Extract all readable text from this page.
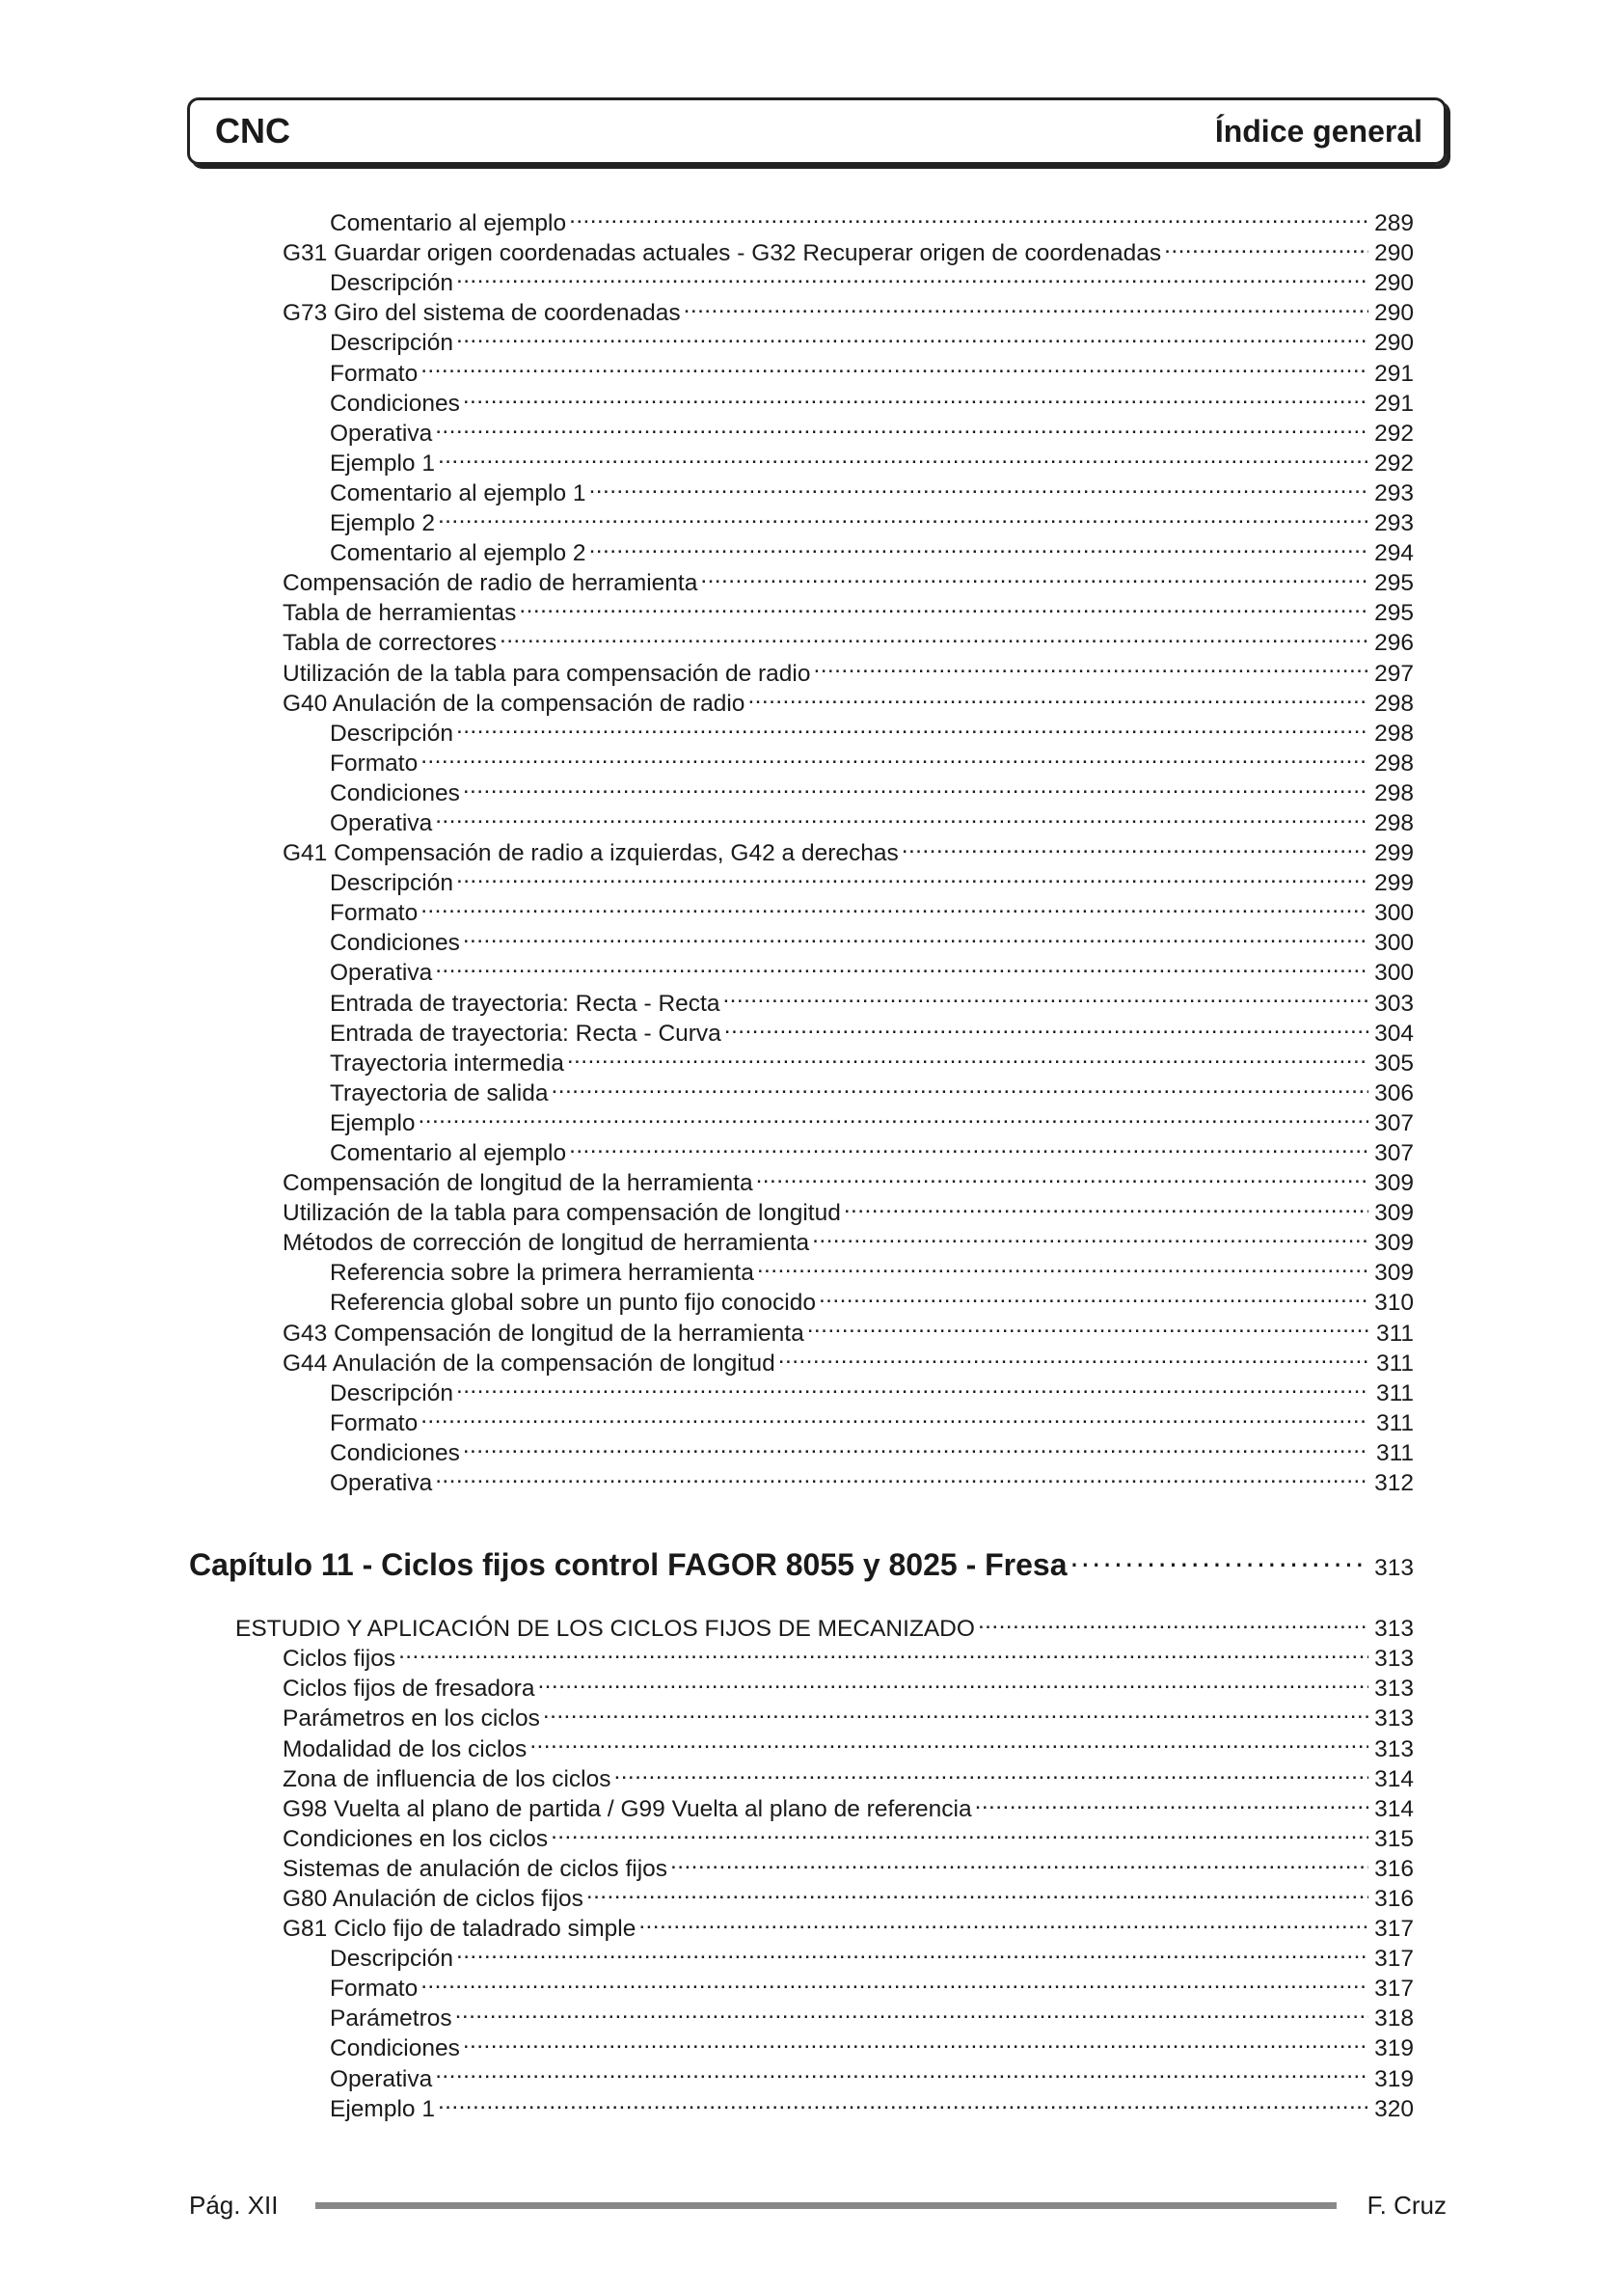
CNC	Índice general
Comentario al ejemplo . . .	289
G31 Guardar origen coordenadas actuales - G32 Recuperar origen de coordenadas . . .	290
Descripción . . .	290
G73 Giro del sistema de coordenadas . . .	290
Descripción . . .	290
Formato . . .	291
Condiciones . . .	291
Operativa . . .	292
Ejemplo 1 . . .	292
Comentario al ejemplo 1 . . .	293
Ejemplo 2 . . .	293
Comentario al ejemplo 2 . . .	294
Compensación de radio de herramienta . . .	295
Tabla de herramientas . . .	295
Tabla de correctores . . .	296
Utilización de la tabla para compensación de radio . . .	297
G40 Anulación de la compensación de radio . . .	298
Descripción . . .	298
Formato . . .	298
Condiciones . . .	298
Operativa . . .	298
G41 Compensación de radio a izquierdas, G42 a derechas . . .	299
Descripción . . .	299
Formato . . .	300
Condiciones . . .	300
Operativa . . .	300
Entrada de trayectoria: Recta - Recta . . .	303
Entrada de trayectoria: Recta - Curva . . .	304
Trayectoria intermedia . . .	305
Trayectoria de salida . . .	306
Ejemplo . . .	307
Comentario al ejemplo . . .	307
Compensación de longitud de la herramienta . . .	309
Utilización de la tabla para compensación de longitud . . .	309
Métodos de corrección de longitud de herramienta . . .	309
Referencia sobre la primera herramienta . . .	309
Referencia global sobre un punto fijo conocido . . .	310
G43 Compensación de longitud de la herramienta . . .	311
G44 Anulación de la compensación de longitud . . .	311
Descripción . . .	311
Formato . . .	311
Condiciones . . .	311
Operativa . . .	312
Capítulo 11 - Ciclos fijos control FAGOR 8055 y 8025 - Fresa . . .	313
ESTUDIO Y APLICACIÓN DE LOS CICLOS FIJOS DE MECANIZADO . . .	313
Ciclos fijos . . .	313
Ciclos fijos de fresadora . . .	313
Parámetros en los ciclos . . .	313
Modalidad de los ciclos . . .	313
Zona de influencia de los ciclos . . .	314
G98 Vuelta al plano de partida / G99 Vuelta al plano de referencia . . .	314
Condiciones en los ciclos . . .	315
Sistemas de anulación de ciclos fijos . . .	316
G80 Anulación de ciclos fijos . . .	316
G81 Ciclo fijo de taladrado simple . . .	317
Descripción . . .	317
Formato . . .	317
Parámetros . . .	318
Condiciones . . .	319
Operativa . . .	319
Ejemplo 1 . . .	320
Pág. XII	F. Cruz
